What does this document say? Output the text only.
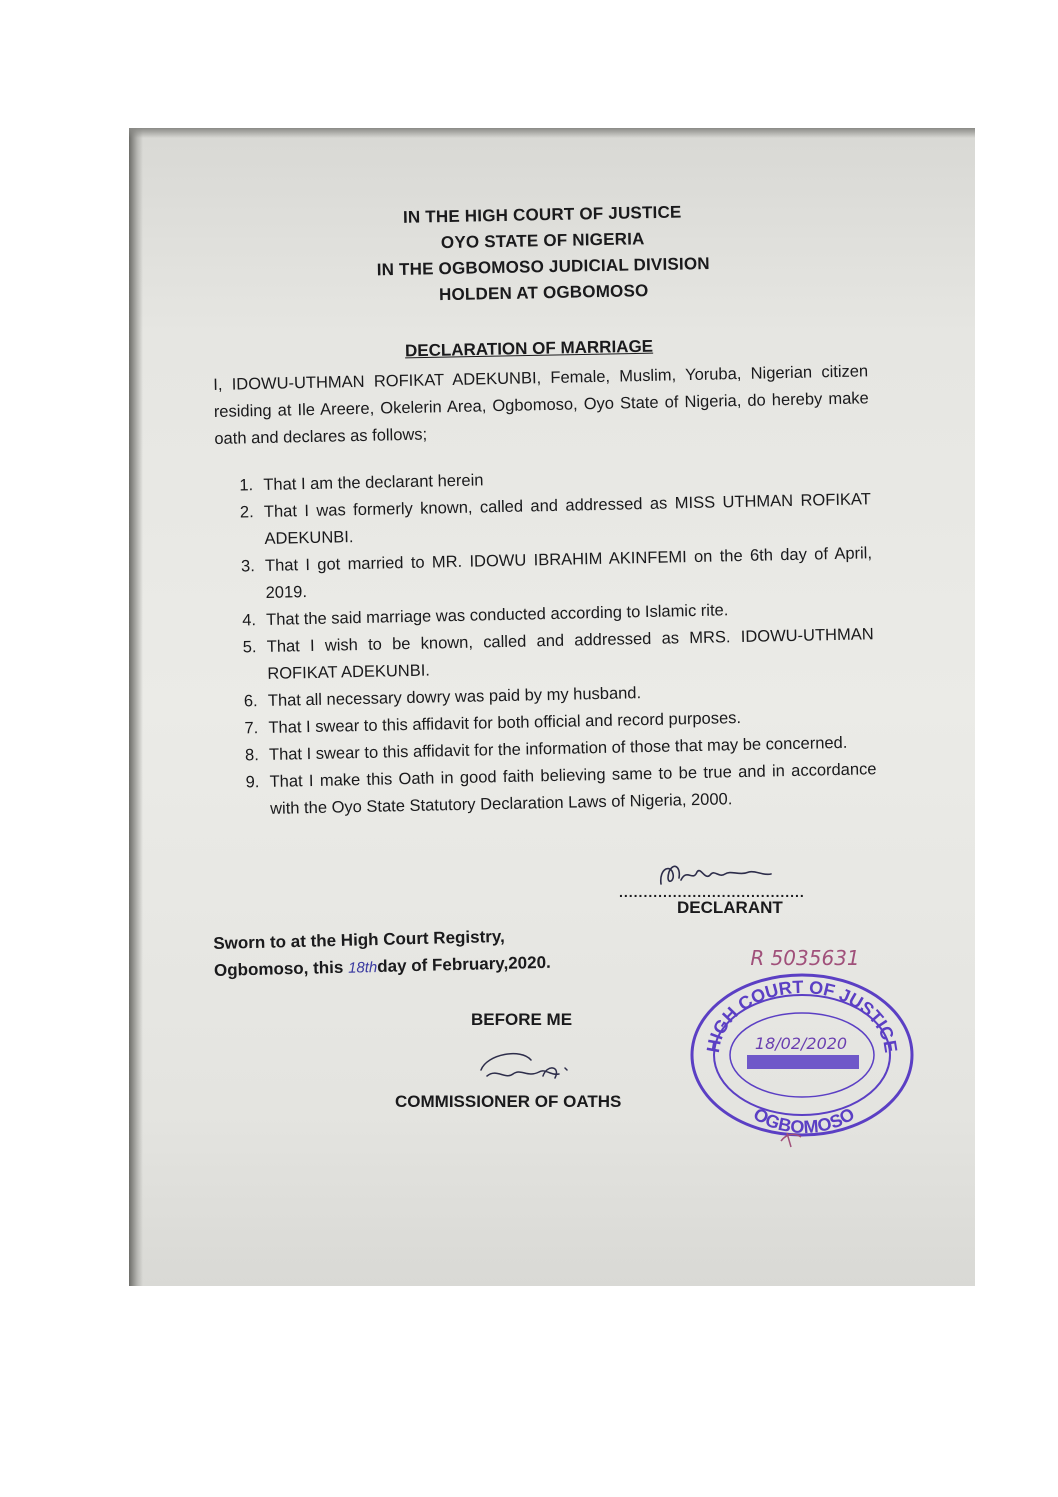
IN THE HIGH COURT OF JUSTICE
OYO STATE OF NIGERIA
IN THE OGBOMOSO JUDICIAL DIVISION
HOLDEN AT OGBOMOSO
DECLARATION OF MARRIAGE

I, IDOWU-UTHMAN ROFIKAT ADEKUNBI, Female, Muslim, Yoruba, Nigerian citizen residing at Ile Areere, Okelerin Area, Ogbomoso, Oyo State of Nigeria, do hereby make oath and declares as follows;

1. That I am the declarant herein
2. That I was formerly known, called and addressed as MISS UTHMAN ROFIKAT ADEKUNBI.
3. That I got married to MR. IDOWU IBRAHIM AKINFEMI on the 6th day of April, 2019.
4. That the said marriage was conducted according to Islamic rite.
5. That I wish to be known, called and addressed as MRS. IDOWU-UTHMAN ROFIKAT ADEKUNBI.
6. That all necessary dowry was paid by my husband.
7. That I swear to this affidavit for both official and record purposes.
8. That I swear to this affidavit for the information of those that may be concerned.
9. That I make this Oath in good faith believing same to be true and in accordance with the Oyo State Statutory Declaration Laws of Nigeria, 2000.
......................................
DECLARANT
Sworn to at the High Court Registry,
Ogbomoso, this 18thday of February,2020.
BEFORE ME
COMMISSIONER OF OATHS
HIGH COURT OF JUSTICE
OGBOMOSO
18/02/2020
R 5035631
